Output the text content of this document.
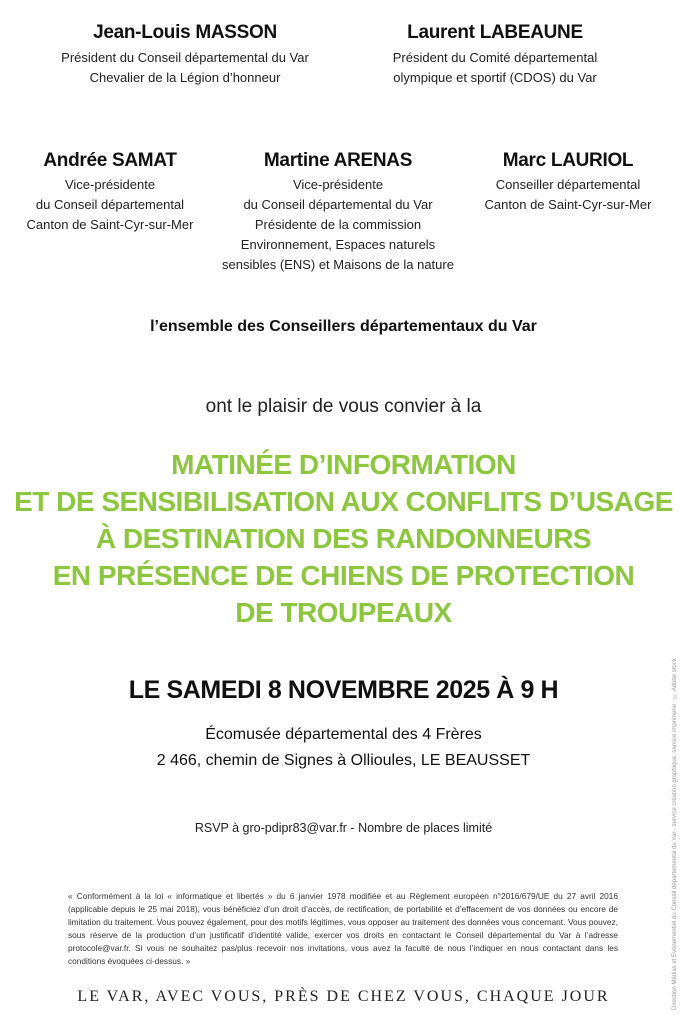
Jean-Louis MASSON
Président du Conseil départemental du Var
Chevalier de la Légion d’honneur
Laurent LABEAUNE
Président du Comité départemental
olympique et sportif (CDOS) du Var
Andrée SAMAT
Vice-présidente
du Conseil départemental
Canton de Saint-Cyr-sur-Mer
Martine ARENAS
Vice-présidente
du Conseil départemental du Var
Présidente de la commission
Environnement, Espaces naturels
sensibles (ENS) et Maisons de la nature
Marc LAURIOL
Conseiller départemental
Canton de Saint-Cyr-sur-Mer
l’ensemble des Conseillers départementaux du Var
ont le plaisir de vous convier à la
MATINÉE D’INFORMATION
ET DE SENSIBILISATION AUX CONFLITS D’USAGE
À DESTINATION DES RANDONNEURS
EN PRÉSENCE DE CHIENS DE PROTECTION
DE TROUPEAUX
LE SAMEDI 8 NOVEMBRE 2025 À 9 H
Écomusée départemental des 4 Frères
2 466, chemin de Signes à Ollioules, LE BEAUSSET
RSVP à gro-pdipr83@var.fr - Nombre de places limité
« Conformément à la loi « informatique et libertés » du 6 janvier 1978 modifiée et au Règlement européen n°2016/679/UE du 27 avril 2016 (applicable depuis le 25 mai 2018), vous bénéficiez d’un droit d’accès, de rectification, de portabilité et d’effacement de vos données ou encore de limitation du traitement. Vous pouvez également, pour des motifs légitimes, vous opposer au traitement des données vous concernant. Vous pouvez, sous réserve de la production d’un justificatif d’identité valide, exercer vos droits en contactant le Conseil départemental du Var à l’adresse protocole@var.fr. Si vous ne souhaitez pas/plus recevoir nos invitations, vous avez la faculté de nous l’indiquer en nous contactant dans les conditions évoquées ci-dessus. »
LE VAR, AVEC VOUS, PRÈS DE CHEZ VOUS, CHAQUE JOUR	Direction Médias et Événementiel du Conseil départemental du Var - service création graphique, service imprimerie · © Adobe stock
